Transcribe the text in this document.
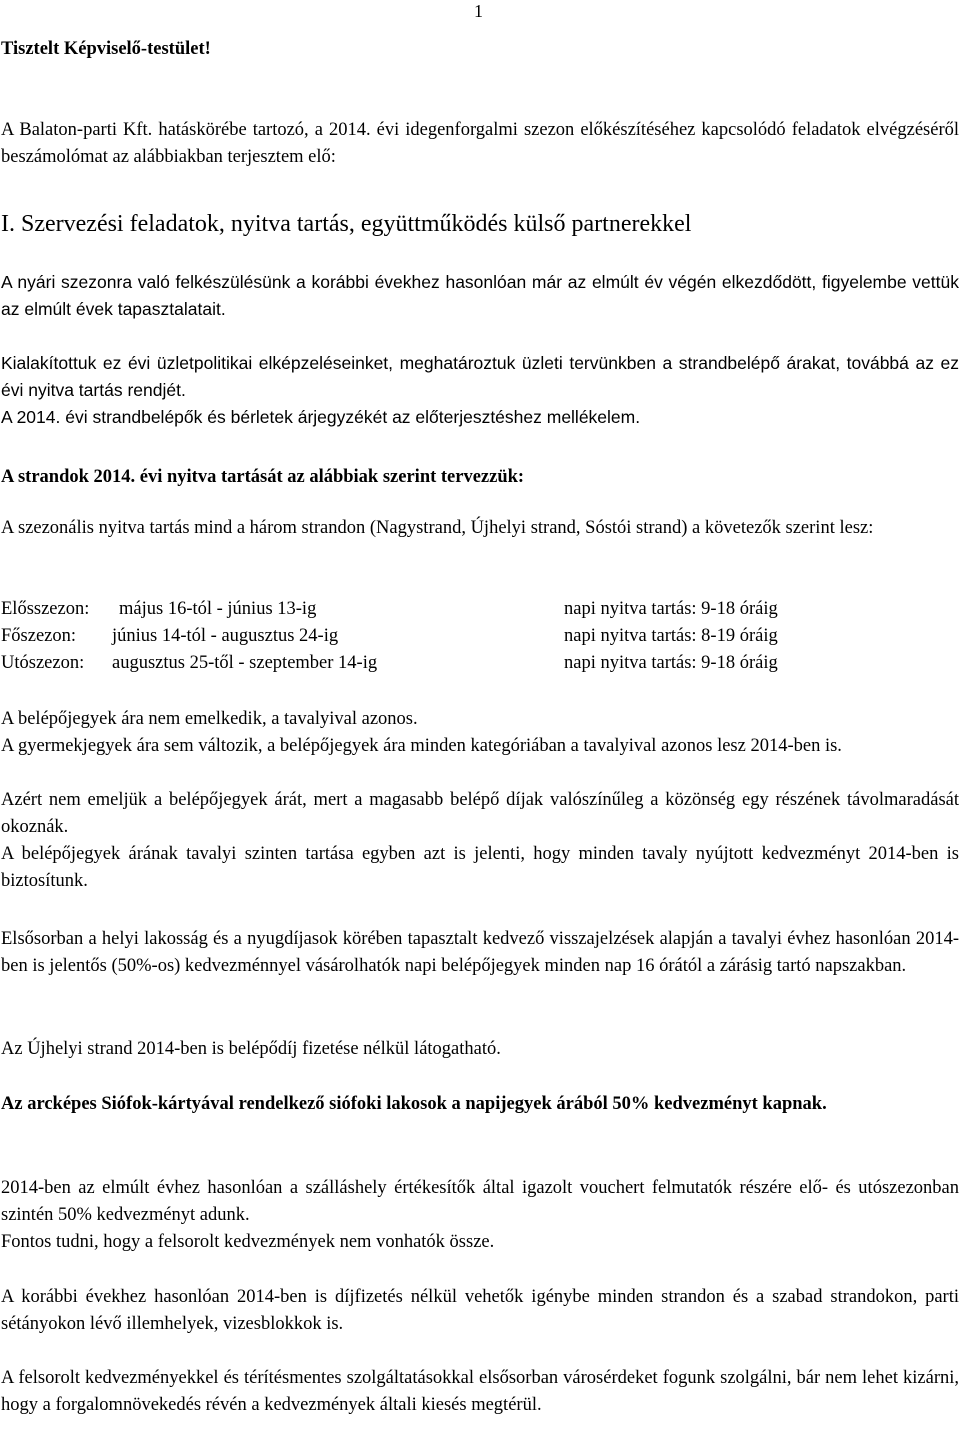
1
Tisztelt Képviselő-testület!
A Balaton-parti Kft. hatáskörébe tartozó, a 2014. évi idegenforgalmi szezon előkészítéséhez kapcsolódó feladatok elvégzéséről beszámolómat az alábbiakban terjesztem elő:
I. Szervezési feladatok, nyitva tartás, együttműködés külső partnerekkel
A nyári szezonra való felkészülésünk a korábbi évekhez hasonlóan már az elmúlt év végén elkezdődött, figyelembe vettük az elmúlt évek tapasztalatait.
Kialakítottuk ez évi üzletpolitikai elképzeléseinket, meghatároztuk üzleti tervünkben a strandbelépő árakat, továbbá az ez évi nyitva tartás rendjét.
A 2014. évi strandbelépők és bérletek árjegyzékét az előterjesztéshez mellékelem.
A strandok 2014. évi nyitva tartását az alábbiak szerint tervezzük:
A szezonális nyitva tartás mind a három strandon (Nagystrand, Újhelyi strand, Sóstói strand) a követezők szerint lesz:
Elősszezon: május 16-tól - június 13-ig	napi nyitva tartás: 9-18 óráig
Főszezon: június 14-tól - augusztus 24-ig	napi nyitva tartás: 8-19 óráig
Utószezon: augusztus 25-től - szeptember 14-ig	napi nyitva tartás: 9-18 óráig
A belépőjegyek ára nem emelkedik, a tavalyival azonos.
A gyermekjegyek ára sem változik, a belépőjegyek ára minden kategóriában a tavalyival azonos lesz 2014-ben is.
Azért nem emeljük a belépőjegyek árát, mert a magasabb belépő díjak valószínűleg a közönség egy részének távolmaradását okoznák.
A belépőjegyek árának tavalyi szinten tartása egyben azt is jelenti, hogy minden tavaly nyújtott kedvezményt 2014-ben is biztosítunk.
Elsősorban a helyi lakosság és a nyugdíjasok körében tapasztalt kedvező visszajelzések alapján a tavalyi évhez hasonlóan 2014-ben is jelentős (50%-os) kedvezménnyel vásárolhatók napi belépőjegyek minden nap 16 órától a zárásig tartó napszakban.
Az Újhelyi strand 2014-ben is belépődíj fizetése nélkül látogatható.
Az arcképes Siófok-kártyával rendelkező siófoki lakosok a napijegyek árából 50% kedvezményt kapnak.
2014-ben az elmúlt évhez hasonlóan a szálláshely értékesítők által igazolt vouchert felmutatók részére elő- és utószezonban szintén 50% kedvezményt adunk.
Fontos tudni, hogy a felsorolt kedvezmények nem vonhatók össze.
A korábbi évekhez hasonlóan 2014-ben is díjfizetés nélkül vehetők igénybe minden strandon és a szabad strandokon, parti sétányokon lévő illemhelyek, vizesblokkok is.
A felsorolt kedvezményekkel és térítésmentes szolgáltatásokkal elsősorban városérdeket fogunk szolgálni, bár nem lehet kizárni, hogy a forgalomnövekedés révén a kedvezmények általi kiesés megtérül.
